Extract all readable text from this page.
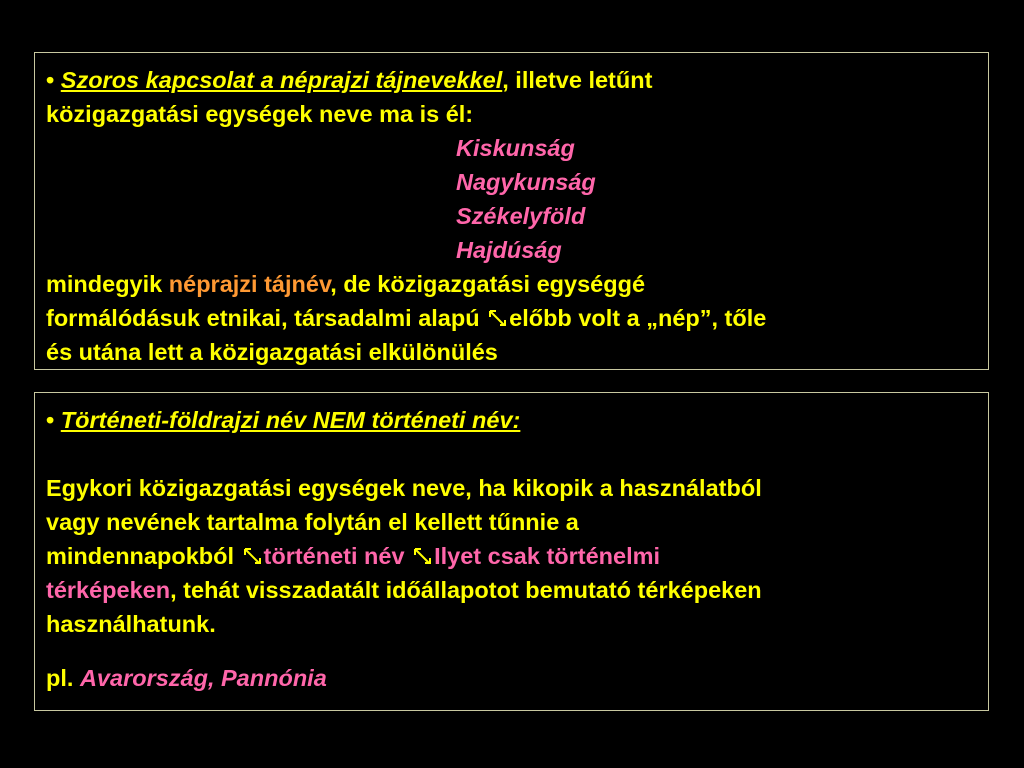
• Szoros kapcsolat a néprajzi tájnevekkel, illetve letűnt
közigazgatási egységek neve ma is él:
Kiskunság
Nagykunság
Székelyföld
Hajdúság
mindegyik néprajzi tájnév, de közigazgatási egységgé
formálódásuk etnikai, társadalmi alapú
előbb volt a „nép”, tőle
és utána lett a közigazgatási elkülönülés
• Történeti-földrajzi név NEM történeti név:
Egykori közigazgatási egységek neve, ha kikopik a használatból
vagy nevének tartalma folytán el kellett tűnnie a
mindennapokból
történeti név
Ilyet csak történelmi
térképeken, tehát visszadatált időállapotot bemutató térképeken
használhatunk.
pl. Avarország, Pannónia
